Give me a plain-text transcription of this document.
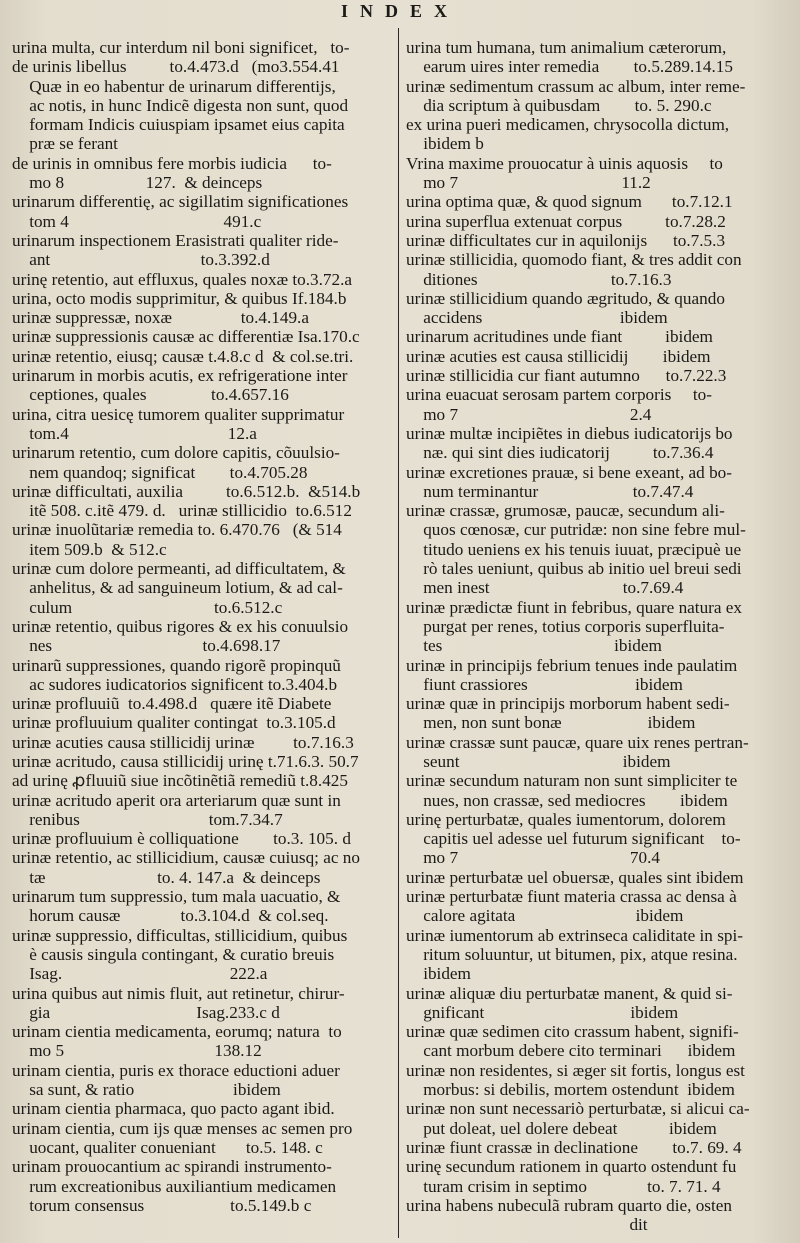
INDEX
urina multa, cur interdum nil boni significet,   to-
de urinis libellus          to.4.473.d   (mo3.554.41
Quæ in eo habentur de urinarum differentijs,
ac notis, in hunc Indicẽ digesta non sunt, quod
formam Indicis cuiuspiam ipsamet eius capita
præ se ferant
de urinis in omnibus fere morbis iudicia      to-
mo 8                   127.  & deinceps
urinarum differentię, ac sigillatim significationes
tom 4                                    491.c
urinarum inspectionem Erasistrati qualiter ride-
ant                                   to.3.392.d
urinę retentio, aut effluxus, quales noxæ to.3.72.a
urina, octo modis supprimitur, & quibus If.184.b
urinæ suppressæ, noxæ                to.4.149.a
urinæ suppressionis causæ ac differentiæ Isa.170.c
urinæ retentio, eiusq; causæ t.4.8.c d  & col.se.tri.
urinarum in morbis acutis, ex refrigeratione inter
ceptiones, quales               to.4.657.16
urina, citra uesicę tumorem qualiter supprimatur
tom.4                                     12.a
urinarum retentio, cum dolore capitis, cõuulsio-
nem quandoq; significat        to.4.705.28
urinæ difficultati, auxilia          to.6.512.b.  &514.b
itẽ 508. c.itẽ 479. d.   urinæ stillicidio  to.6.512
urinæ inuolũtariæ remedia to. 6.470.76   (& 514
item 509.b  & 512.c
urinæ cum dolore permeanti, ad difficultatem, &
anhelitus, & ad sanguineum lotium, & ad cal-
culum                                 to.6.512.c
urinæ retentio, quibus rigores & ex his conuulsio
nes                                   to.4.698.17
urinarũ suppressiones, quando rigorẽ propinquũ
ac sudores iudicatorios significent to.3.404.b
urinæ profluuiũ  to.4.498.d   quære itẽ Diabete
urinæ profluuium qualiter contingat  to.3.105.d
urinæ acuties causa stillicidij urinæ         to.7.16.3
urinæ acritudo, causa stillicidij urinę t.71.6.3. 50.7
ad urinę ꝓfluuiũ siue incõtinẽtiã remediũ t.8.425
urinæ acritudo aperit ora arteriarum quæ sunt in
renibus                              tom.7.34.7
urinæ profluuium è colliquatione        to.3. 105. d
urinæ retentio, ac stillicidium, causæ cuiusq; ac no
tæ                          to. 4. 147.a  & deinceps
urinarum tum suppressio, tum mala uacuatio, &
horum causæ              to.3.104.d  & col.seq.
urinæ suppressio, difficultas, stillicidium, quibus
è causis singula contingant, & curatio breuis
Isag.                                       222.a
urina quibus aut nimis fluit, aut retinetur, chirur-
gia                                  Isag.233.c d
urinam cientia medicamenta, eorumq; natura  to
mo 5                                   138.12
urinam cientia, puris ex thorace eductioni aduer
sa sunt, & ratio                       ibidem
urinam cientia pharmaca, quo pacto agant ibid.
urinam cientia, cum ijs quæ menses ac semen pro
uocant, qualiter conueniant       to.5. 148. c
urinam prouocantium ac spirandi instrumento-
rum excreationibus auxiliantium medicamen
torum consensus                    to.5.149.b c
urina tum humana, tum animalium cæterorum,
earum uires inter remedia        to.5.289.14.15
urinæ sedimentum crassum ac album, inter reme-
dia scriptum à quibusdam        to. 5. 290.c
ex urina pueri medicamen, chrysocolla dictum,
ibidem b
Vrina maxime prouocatur à uinis aquosis     to
mo 7                                      11.2
urina optima quæ, & quod signum       to.7.12.1
urina superflua extenuat corpus          to.7.28.2
urinæ difficultates cur in aquilonijs      to.7.5.3
urinæ stillicidia, quomodo fiant, & tres addit con
ditiones                               to.7.16.3
urinæ stillicidium quando ægritudo, & quando
accidens                                ibidem
urinarum acritudines unde fiant          ibidem
urinæ acuties est causa stillicidij        ibidem
urinæ stillicidia cur fiant autumno      to.7.22.3
urina euacuat serosam partem corporis     to-
mo 7                                        2.4
urinæ multæ incipiẽtes in diebus iudicatorijs bo
næ. qui sint dies iudicatorij          to.7.36.4
urinæ excretiones prauæ, si bene exeant, ad bo-
num terminantur                      to.7.47.4
urinæ crassæ, grumosæ, paucæ, secundum ali-
quos cœnosæ, cur putridæ: non sine febre mul-
titudo ueniens ex his tenuis iuuat, præcipuè ue
rò tales ueniunt, quibus ab initio uel breui sedi
men inest                               to.7.69.4
urinæ prædictæ fiunt in febribus, quare natura ex
purgat per renes, totius corporis superfluita-
tes                                        ibidem
urinæ in principijs febrium tenues inde paulatim
fiunt crassiores                         ibidem
urinæ quæ in principijs morborum habent sedi-
men, non sunt bonæ                    ibidem
urinæ crassæ sunt paucæ, quare uix renes pertran-
seunt                                      ibidem
urinæ secundum naturam non sunt simpliciter te
nues, non crassæ, sed mediocres        ibidem
urinę perturbatæ, quales iumentorum, dolorem
capitis uel adesse uel futurum significant    to-
mo 7                                        70.4
urinæ perturbatæ uel obuersæ, quales sint ibidem
urinæ perturbatæ fiunt materia crassa ac densa à
calore agitata                            ibidem
urinæ iumentorum ab extrinseca caliditate in spi-
ritum soluuntur, ut bitumen, pix, atque resina.
ibidem
urinæ aliquæ diu perturbatæ manent, & quid si-
gnificant                                  ibidem
urinæ quæ sedimen cito crassum habent, signifi-
cant morbum debere cito terminari      ibidem
urinæ non residentes, si æger sit fortis, longus est
morbus: si debilis, mortem ostendunt  ibidem
urinæ non sunt necessariò perturbatæ, si alicui ca-
put doleat, uel dolere debeat            ibidem
urinæ fiunt crassæ in declinatione        to.7. 69. 4
urinę secundum rationem in quarto ostendunt fu
turam crisim in septimo              to. 7. 71. 4
urina habens nubeculã rubram quarto die, osten
dit
